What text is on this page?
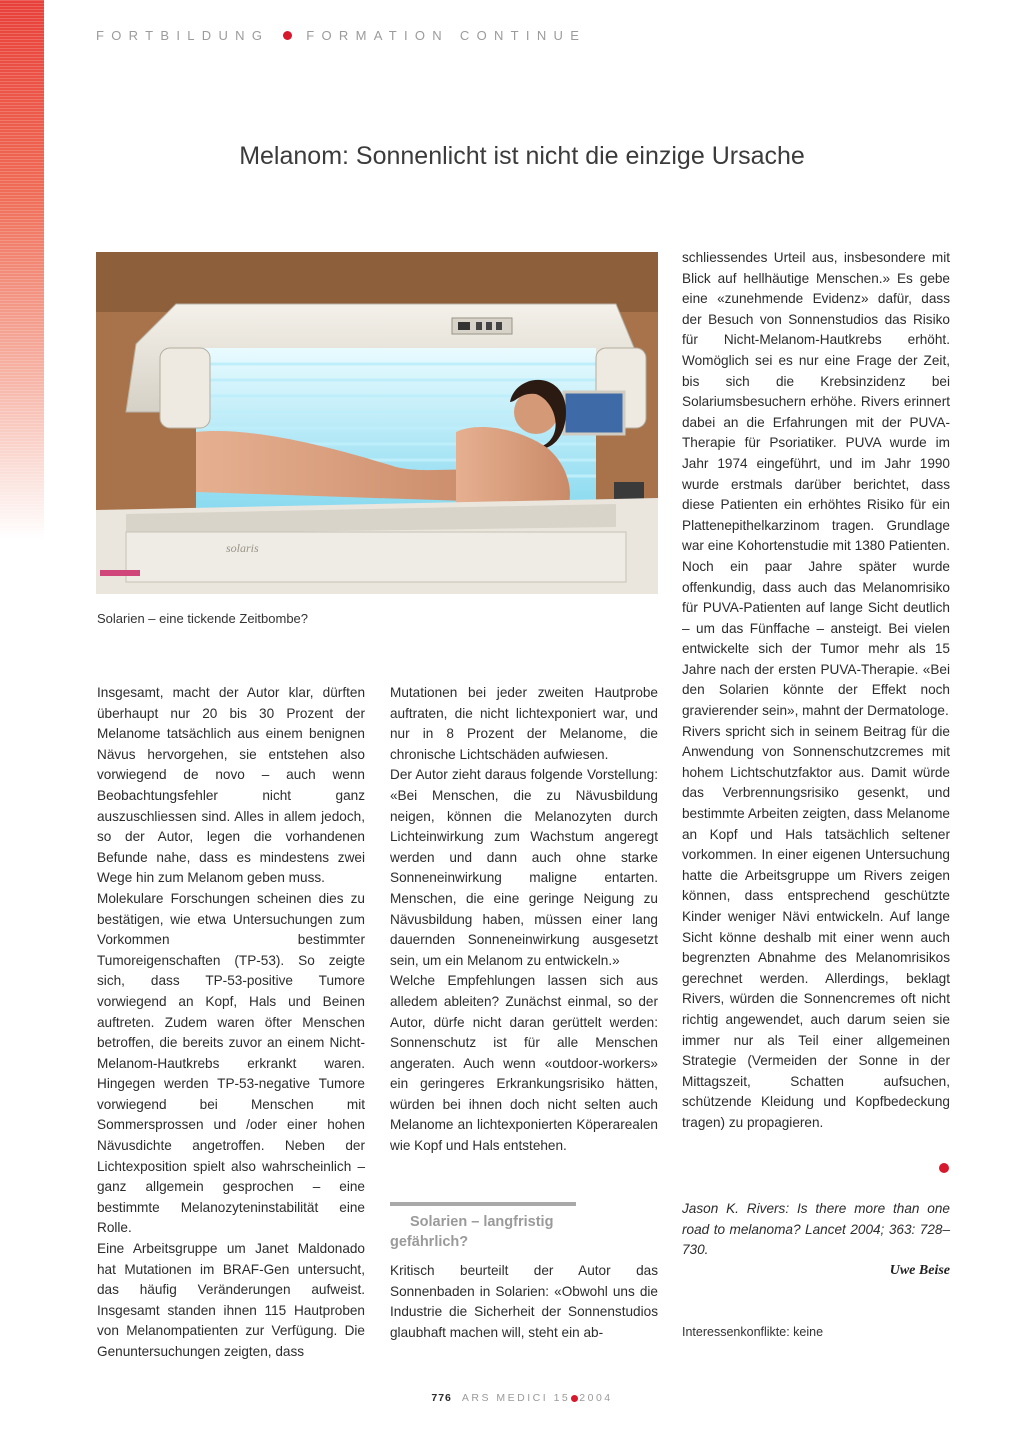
FORTBILDUNG	FORMATION CONTINUE
Melanom: Sonnenlicht ist nicht die einzige Ursache
solaris
Solarien – eine tickende Zeitbombe?

Insgesamt, macht der Autor klar, dürften überhaupt nur 20 bis 30 Prozent der Melanome tatsächlich aus einem benignen Nävus hervorgehen, sie entstehen also vorwiegend de novo – auch wenn Beobachtungsfehler nicht ganz auszuschliessen sind. Alles in allem jedoch, so der Autor, legen die vorhandenen Befunde nahe, dass es mindestens zwei Wege hin zum Melanom geben muss.

Molekulare Forschungen scheinen dies zu bestätigen, wie etwa Untersuchungen zum Vorkommen bestimmter Tumoreigenschaften (TP-53). So zeigte sich, dass TP-53-positive Tumore vorwiegend an Kopf, Hals und Beinen auftreten. Zudem waren öfter Menschen betroffen, die bereits zuvor an einem Nicht-Melanom-Hautkrebs erkrankt waren. Hingegen werden TP-53-negative Tumore vorwiegend bei Menschen mit Sommersprossen und /oder einer hohen Nävusdichte angetroffen. Neben der Lichtexposition spielt also wahrscheinlich – ganz allgemein gesprochen – eine bestimmte Melanozyteninstabilität eine Rolle.

Eine Arbeitsgruppe um Janet Maldonado hat Mutationen im BRAF-Gen untersucht, das häufig Veränderungen aufweist. Insgesamt standen ihnen 115 Hautproben von Melanompatienten zur Verfügung. Die Genuntersuchungen zeigten, dass

Mutationen bei jeder zweiten Hautprobe auftraten, die nicht lichtexponiert war, und nur in 8 Prozent der Melanome, die chronische Lichtschäden aufwiesen.

Der Autor zieht daraus folgende Vorstellung: «Bei Menschen, die zu Nävusbildung neigen, können die Melanozyten durch Lichteinwirkung zum Wachstum angeregt werden und dann auch ohne starke Sonneneinwirkung maligne entarten. Menschen, die eine geringe Neigung zu Nävusbildung haben, müssen einer lang dauernden Sonneneinwirkung ausgesetzt sein, um ein Melanom zu entwickeln.»

Welche Empfehlungen lassen sich aus alledem ableiten? Zunächst einmal, so der Autor, dürfe nicht daran gerüttelt werden: Sonnenschutz ist für alle Menschen angeraten. Auch wenn «outdoor-workers» ein geringeres Erkrankungsrisiko hätten, würden bei ihnen doch nicht selten auch Melanome an lichtexponierten Köperarealen wie Kopf und Hals entstehen.

Solarien – langfristig gefährlich?

Kritisch beurteilt der Autor das Sonnenbaden in Solarien: «Obwohl uns die Industrie die Sicherheit der Sonnenstudios glaubhaft machen will, steht ein ab-

schliessendes Urteil aus, insbesondere mit Blick auf hellhäutige Menschen.» Es gebe eine «zunehmende Evidenz» dafür, dass der Besuch von Sonnenstudios das Risiko für Nicht-Melanom-Hautkrebs erhöht. Womöglich sei es nur eine Frage der Zeit, bis sich die Krebsinzidenz bei Solariumsbesuchern erhöhe. Rivers erinnert dabei an die Erfahrungen mit der PUVA-Therapie für Psoriatiker. PUVA wurde im Jahr 1974 eingeführt, und im Jahr 1990 wurde erstmals darüber berichtet, dass diese Patienten ein erhöhtes Risiko für ein Plattenepithelkarzinom tragen. Grundlage war eine Kohortenstudie mit 1380 Patienten. Noch ein paar Jahre später wurde offenkundig, dass auch das Melanomrisiko für PUVA-Patienten auf lange Sicht deutlich – um das Fünffache – ansteigt. Bei vielen entwickelte sich der Tumor mehr als 15 Jahre nach der ersten PUVA-Therapie. «Bei den Solarien könnte der Effekt noch gravierender sein», mahnt der Dermatologe.

Rivers spricht sich in seinem Beitrag für die Anwendung von Sonnenschutzcremes mit hohem Lichtschutzfaktor aus. Damit würde das Verbrennungsrisiko gesenkt, und bestimmte Arbeiten zeigten, dass Melanome an Kopf und Hals tatsächlich seltener vorkommen. In einer eigenen Untersuchung hatte die Arbeitsgruppe um Rivers zeigen können, dass entsprechend geschützte Kinder weniger Nävi entwickeln. Auf lange Sicht könne deshalb mit einer wenn auch begrenzten Abnahme des Melanomrisikos gerechnet werden. Allerdings, beklagt Rivers, würden die Sonnencremes oft nicht richtig angewendet, auch darum seien sie immer nur als Teil einer allgemeinen Strategie (Vermeiden der Sonne in der Mittagszeit, Schatten aufsuchen, schützende Kleidung und Kopfbedeckung tragen) zu propagieren.

Jason K. Rivers: Is there more than one road to melanoma? Lancet 2004; 363: 728–730.
Uwe Beise
Interessenkonflikte: keine
776 ARS MEDICI 15 2004
